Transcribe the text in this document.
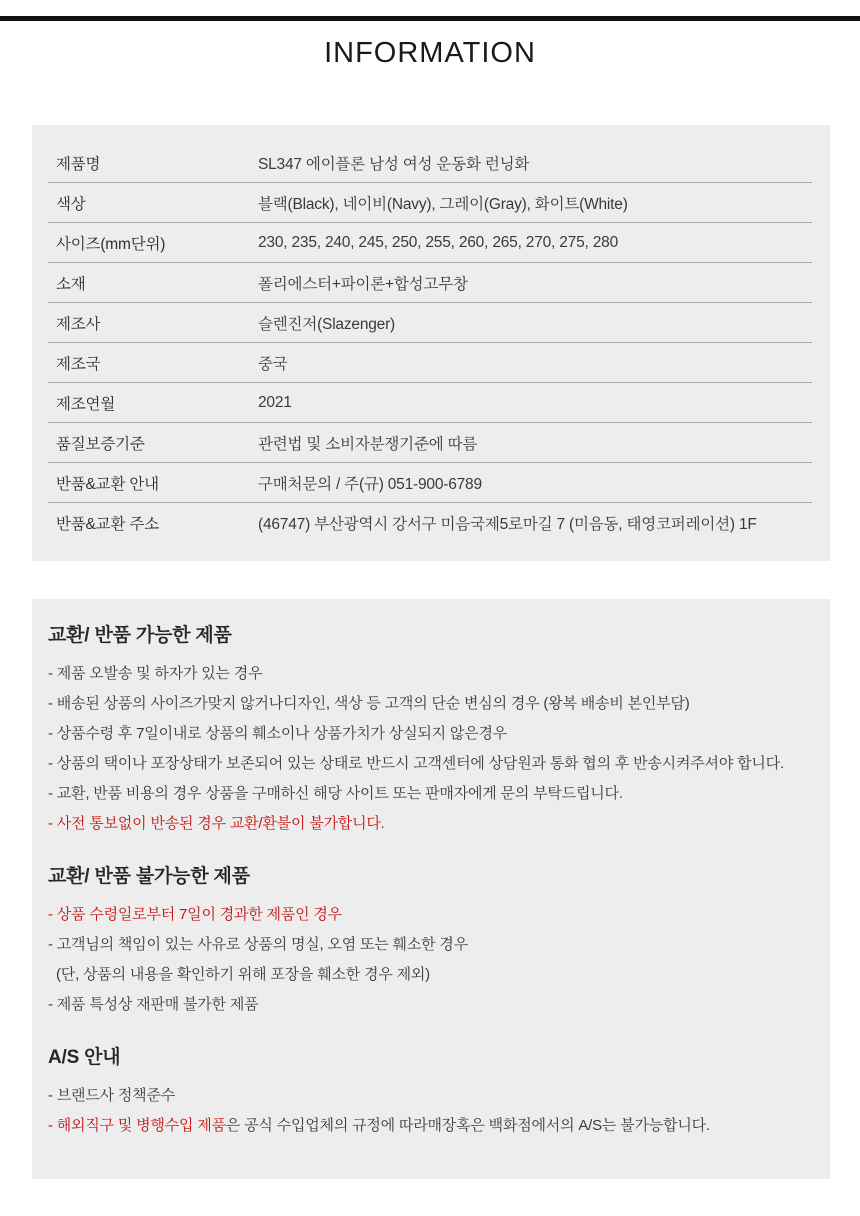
INFORMATION
제품명	SL347 에이플론 남성 여성 운동화 런닝화
색상	블랙(Black), 네이비(Navy), 그레이(Gray), 화이트(White)
사이즈(mm단위)	230, 235, 240, 245, 250, 255, 260, 265, 270, 275, 280
소재	폴리에스터+파이론+합성고무창
제조사	슬렌진저(Slazenger)
제조국	중국
제조연월	2021
품질보증기준	관련법 및 소비자분쟁기준에 따름
반품&교환 안내	구매처문의 / 주(규) 051-900-6789
반품&교환 주소	(46747) 부산광역시 강서구 미음국제5로마길 7 (미음동, 태영코퍼레이션) 1F
교환/ 반품 가능한 제품
- 제품 오발송 및 하자가 있는 경우
- 배송된 상품의 사이즈가맞지 않거나디자인, 색상 등 고객의 단순 변심의 경우 (왕복 배송비 본인부담)
- 상품수령 후 7일이내로 상품의 훼소이나 상품가치가 상실되지 않은경우
- 상품의 택이나 포장상태가 보존되어 있는 상태로 반드시 고객센터에 상담원과 통화 협의 후 반송시켜주셔야 합니다.
- 교환, 반품 비용의 경우 상품을 구매하신 해당 사이트 또는 판매자에게 문의 부탁드립니다.
- 사전 통보없이 반송된 경우 교환/환불이 불가합니다.
교환/ 반품 불가능한 제품
- 상품 수령일로부터 7일이 경과한 제품인 경우
- 고객님의 책임이 있는 사유로 상품의 명실, 오염 또는 훼소한 경우
(단, 상품의 내용을 확인하기 위해 포장을 훼소한 경우 제외)
- 제품 특성상 재판매 불가한 제품
A/S 안내
- 브랜드사 정책준수
- 해외직구 및 병행수입 제품은 공식 수입업체의 규정에 따라매장혹은 백화점에서의 A/S는 불가능합니다.
